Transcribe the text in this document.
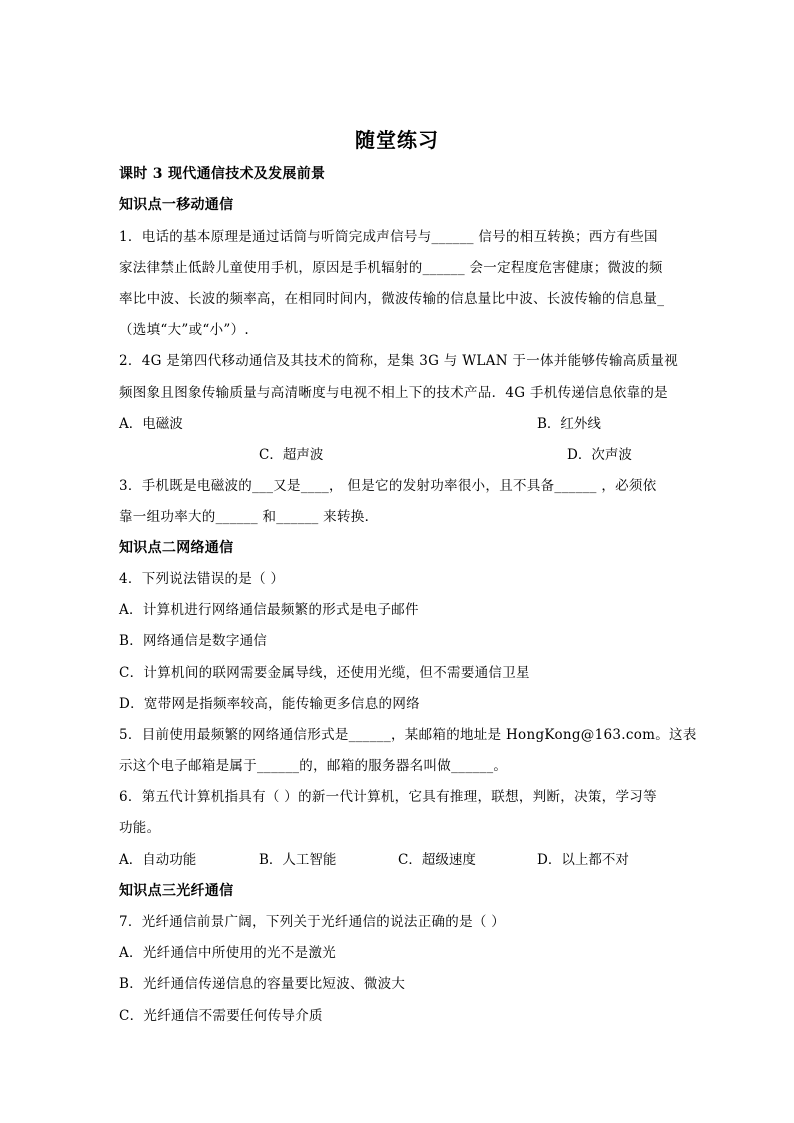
随堂练习
课时 3 现代通信技术及发展前景
知识点一移动通信
1．电话的基本原理是通过话筒与听筒完成声信号与______ 信号的相互转换；西方有些国
家法律禁止低龄儿童使用手机，原因是手机辐射的______ 会一定程度危害健康；微波的频
率比中波、长波的频率高，在相同时间内，微波传输的信息量比中波、长波传输的信息量_
（选填“大”或“小”）.
2．4G 是第四代移动通信及其技术的简称，是集 3G 与 WLAN 于一体并能够传输高质量视
频图象且图象传输质量与高清晰度与电视不相上下的技术产品．4G 手机传递信息依靠的是
A．电磁波	B．红外线
C．超声波	D．次声波
3．手机既是电磁波的___又是____， 但是它的发射功率很小，且不具备______ ，必须依
靠一组功率大的______ 和______ 来转换．
知识点二网络通信
4．下列说法错误的是（ ）
A．计算机进行网络通信最频繁的形式是电子邮件
B．网络通信是数字通信
C．计算机间的联网需要金属导线，还使用光缆，但不需要通信卫星
D．宽带网是指频率较高，能传输更多信息的网络
5．目前使用最频繁的网络通信形式是______，某邮箱的地址是 HongKong@163.com。这表
示这个电子邮箱是属于______的，邮箱的服务器名叫做______。
6．第五代计算机指具有（ ）的新一代计算机，它具有推理，联想，判断，决策，学习等
功能。
A．自动功能	B．人工智能	C．超级速度	D．以上都不对
知识点三光纤通信
7．光纤通信前景广阔，下列关于光纤通信的说法正确的是（ ）
A．光纤通信中所使用的光不是激光
B．光纤通信传递信息的容量要比短波、微波大
C．光纤通信不需要任何传导介质
